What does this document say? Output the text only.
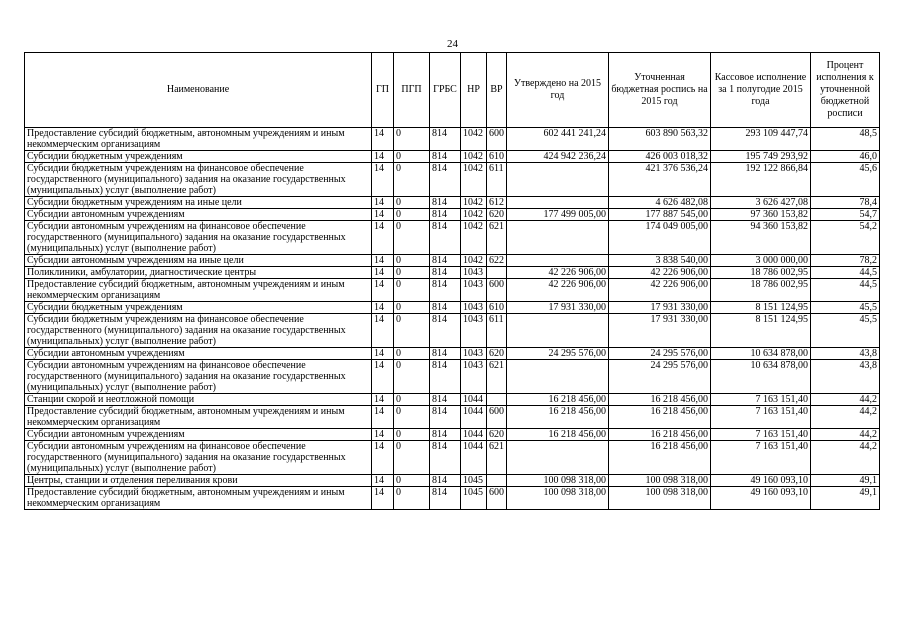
24
Наименование	ГП	ПГП	ГРБС	НР	ВР	Утверждено на 2015 год	Уточненная бюджетная роспись на 2015 год	Кассовое исполнение за 1 полугодие 2015 года	Процент исполнения к уточненной бюджетной росписи
Предоставление субсидий бюджетным, автономным учреждениям и иным некоммерческим организациям	14	0	814	1042	600	602 441 241,24	603 890 563,32	293 109 447,74	48,5
Субсидии бюджетным учреждениям	14	0	814	1042	610	424 942 236,24	426 003 018,32	195 749 293,92	46,0
Субсидии бюджетным учреждениям на финансовое обеспечение государственного (муниципального) задания на оказание государственных (муниципальных) услуг (выполнение работ)	14	0	814	1042	611		421 376 536,24	192 122 866,84	45,6
Субсидии бюджетным учреждениям на иные цели	14	0	814	1042	612		4 626 482,08	3 626 427,08	78,4
Субсидии автономным учреждениям	14	0	814	1042	620	177 499 005,00	177 887 545,00	97 360 153,82	54,7
Субсидии автономным учреждениям на финансовое обеспечение государственного (муниципального) задания на оказание государственных (муниципальных) услуг (выполнение работ)	14	0	814	1042	621		174 049 005,00	94 360 153,82	54,2
Субсидии автономным учреждениям на иные цели	14	0	814	1042	622		3 838 540,00	3 000 000,00	78,2
Поликлиники, амбулатории, диагностические центры	14	0	814	1043		42 226 906,00	42 226 906,00	18 786 002,95	44,5
Предоставление субсидий бюджетным, автономным учреждениям и иным некоммерческим организациям	14	0	814	1043	600	42 226 906,00	42 226 906,00	18 786 002,95	44,5
Субсидии бюджетным учреждениям	14	0	814	1043	610	17 931 330,00	17 931 330,00	8 151 124,95	45,5
Субсидии бюджетным учреждениям на финансовое обеспечение государственного (муниципального) задания на оказание государственных (муниципальных) услуг (выполнение работ)	14	0	814	1043	611		17 931 330,00	8 151 124,95	45,5
Субсидии автономным учреждениям	14	0	814	1043	620	24 295 576,00	24 295 576,00	10 634 878,00	43,8
Субсидии автономным учреждениям на финансовое обеспечение государственного (муниципального) задания на оказание государственных (муниципальных) услуг (выполнение работ)	14	0	814	1043	621		24 295 576,00	10 634 878,00	43,8
Станции скорой и неотложной помощи	14	0	814	1044		16 218 456,00	16 218 456,00	7 163 151,40	44,2
Предоставление субсидий бюджетным, автономным учреждениям и иным некоммерческим организациям	14	0	814	1044	600	16 218 456,00	16 218 456,00	7 163 151,40	44,2
Субсидии автономным учреждениям	14	0	814	1044	620	16 218 456,00	16 218 456,00	7 163 151,40	44,2
Субсидии автономным учреждениям на финансовое обеспечение государственного (муниципального) задания на оказание государственных (муниципальных) услуг (выполнение работ)	14	0	814	1044	621		16 218 456,00	7 163 151,40	44,2
Центры, станции и отделения переливания крови	14	0	814	1045		100 098 318,00	100 098 318,00	49 160 093,10	49,1
Предоставление субсидий бюджетным, автономным учреждениям и иным некоммерческим организациям	14	0	814	1045	600	100 098 318,00	100 098 318,00	49 160 093,10	49,1
